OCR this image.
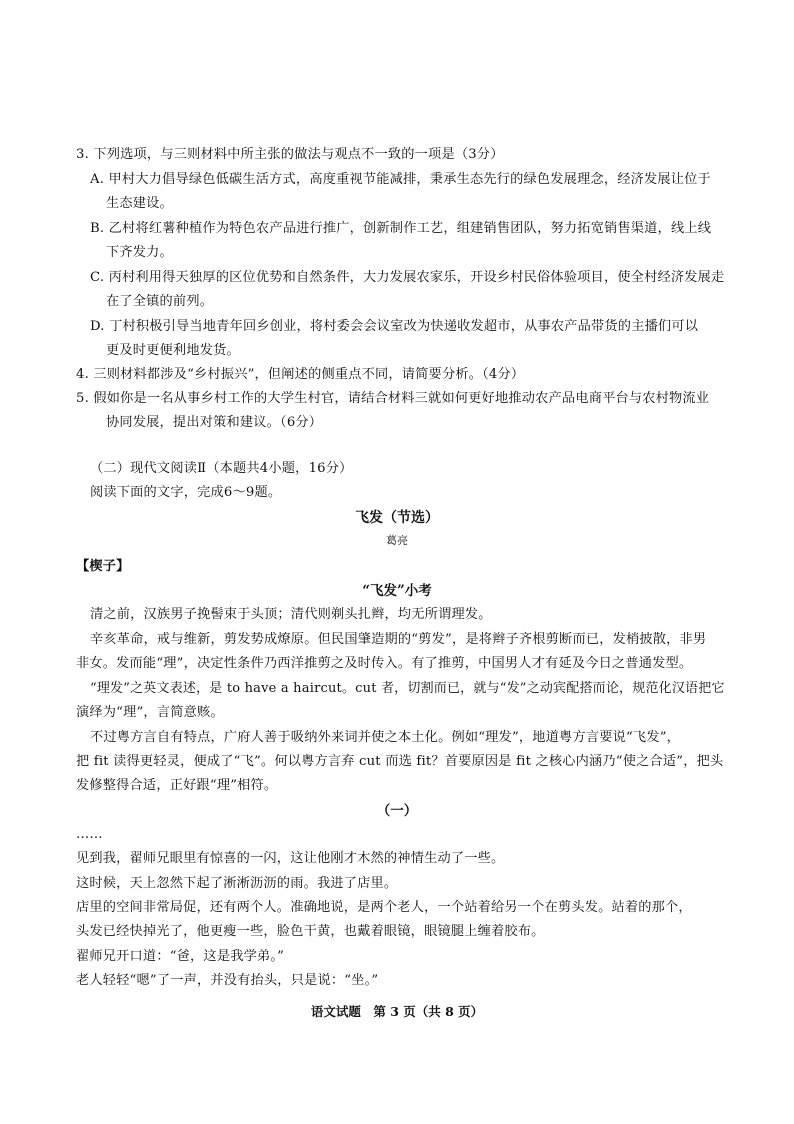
3. 下列选项，与三则材料中所主张的做法与观点不一致的一项是（3分）
A. 甲村大力倡导绿色低碳生活方式，高度重视节能减排，秉承生态先行的绿色发展理念，经济发展让位于
生态建设。
B. 乙村将红薯种植作为特色农产品进行推广，创新制作工艺，组建销售团队，努力拓宽销售渠道，线上线
下齐发力。
C. 丙村利用得天独厚的区位优势和自然条件，大力发展农家乐，开设乡村民俗体验项目，使全村经济发展走
在了全镇的前列。
D. 丁村积极引导当地青年回乡创业，将村委会会议室改为快递收发超市，从事农产品带货的主播们可以
更及时更便利地发货。
4. 三则材料都涉及“乡村振兴”，但阐述的侧重点不同，请简要分析。（4分）
5. 假如你是一名从事乡村工作的大学生村官，请结合材料三就如何更好地推动农产品电商平台与农村物流业
协同发展，提出对策和建议。（6分）
（二）现代文阅读Ⅱ（本题共4小题，16分）
阅读下面的文字，完成6～9题。
飞发（节选）
葛亮
【楔子】
“飞发”小考
清之前，汉族男子挽髻束于头顶；清代则剃头扎辫，均无所谓理发。
辛亥革命，戒与维新，剪发势成燎原。但民国肇造期的“剪发”，是将辫子齐根剪断而已，发梢披散，非男
非女。发而能“理”，决定性条件乃西洋推剪之及时传入。有了推剪，中国男人才有延及今日之普通发型。
“理发”之英文表述，是 to have a haircut。cut 者，切割而已，就与“发”之动宾配搭而论，规范化汉语把它
演绎为“理”，言简意赅。
不过粤方言自有特点，广府人善于吸纳外来词并使之本土化。例如“理发”，地道粤方言要说“飞发”，
把 fit 读得更轻灵，便成了“飞”。何以粤方言弃 cut 而选 fit？首要原因是 fit 之核心内涵乃“使之合适”，把头
发修整得合适，正好跟“理”相符。
（一）
……
见到我，翟师兄眼里有惊喜的一闪，这让他刚才木然的神情生动了一些。
这时候，天上忽然下起了淅淅沥沥的雨。我进了店里。
店里的空间非常局促，还有两个人。准确地说，是两个老人，一个站着给另一个在剪头发。站着的那个，
头发已经快掉光了，他更瘦一些，脸色干黄，也戴着眼镜，眼镜腿上缠着胶布。
翟师兄开口道：“爸，这是我学弟。”
老人轻轻“嗯”了一声，并没有抬头，只是说：“坐。”
语文试题　第 3 页（共 8 页）
